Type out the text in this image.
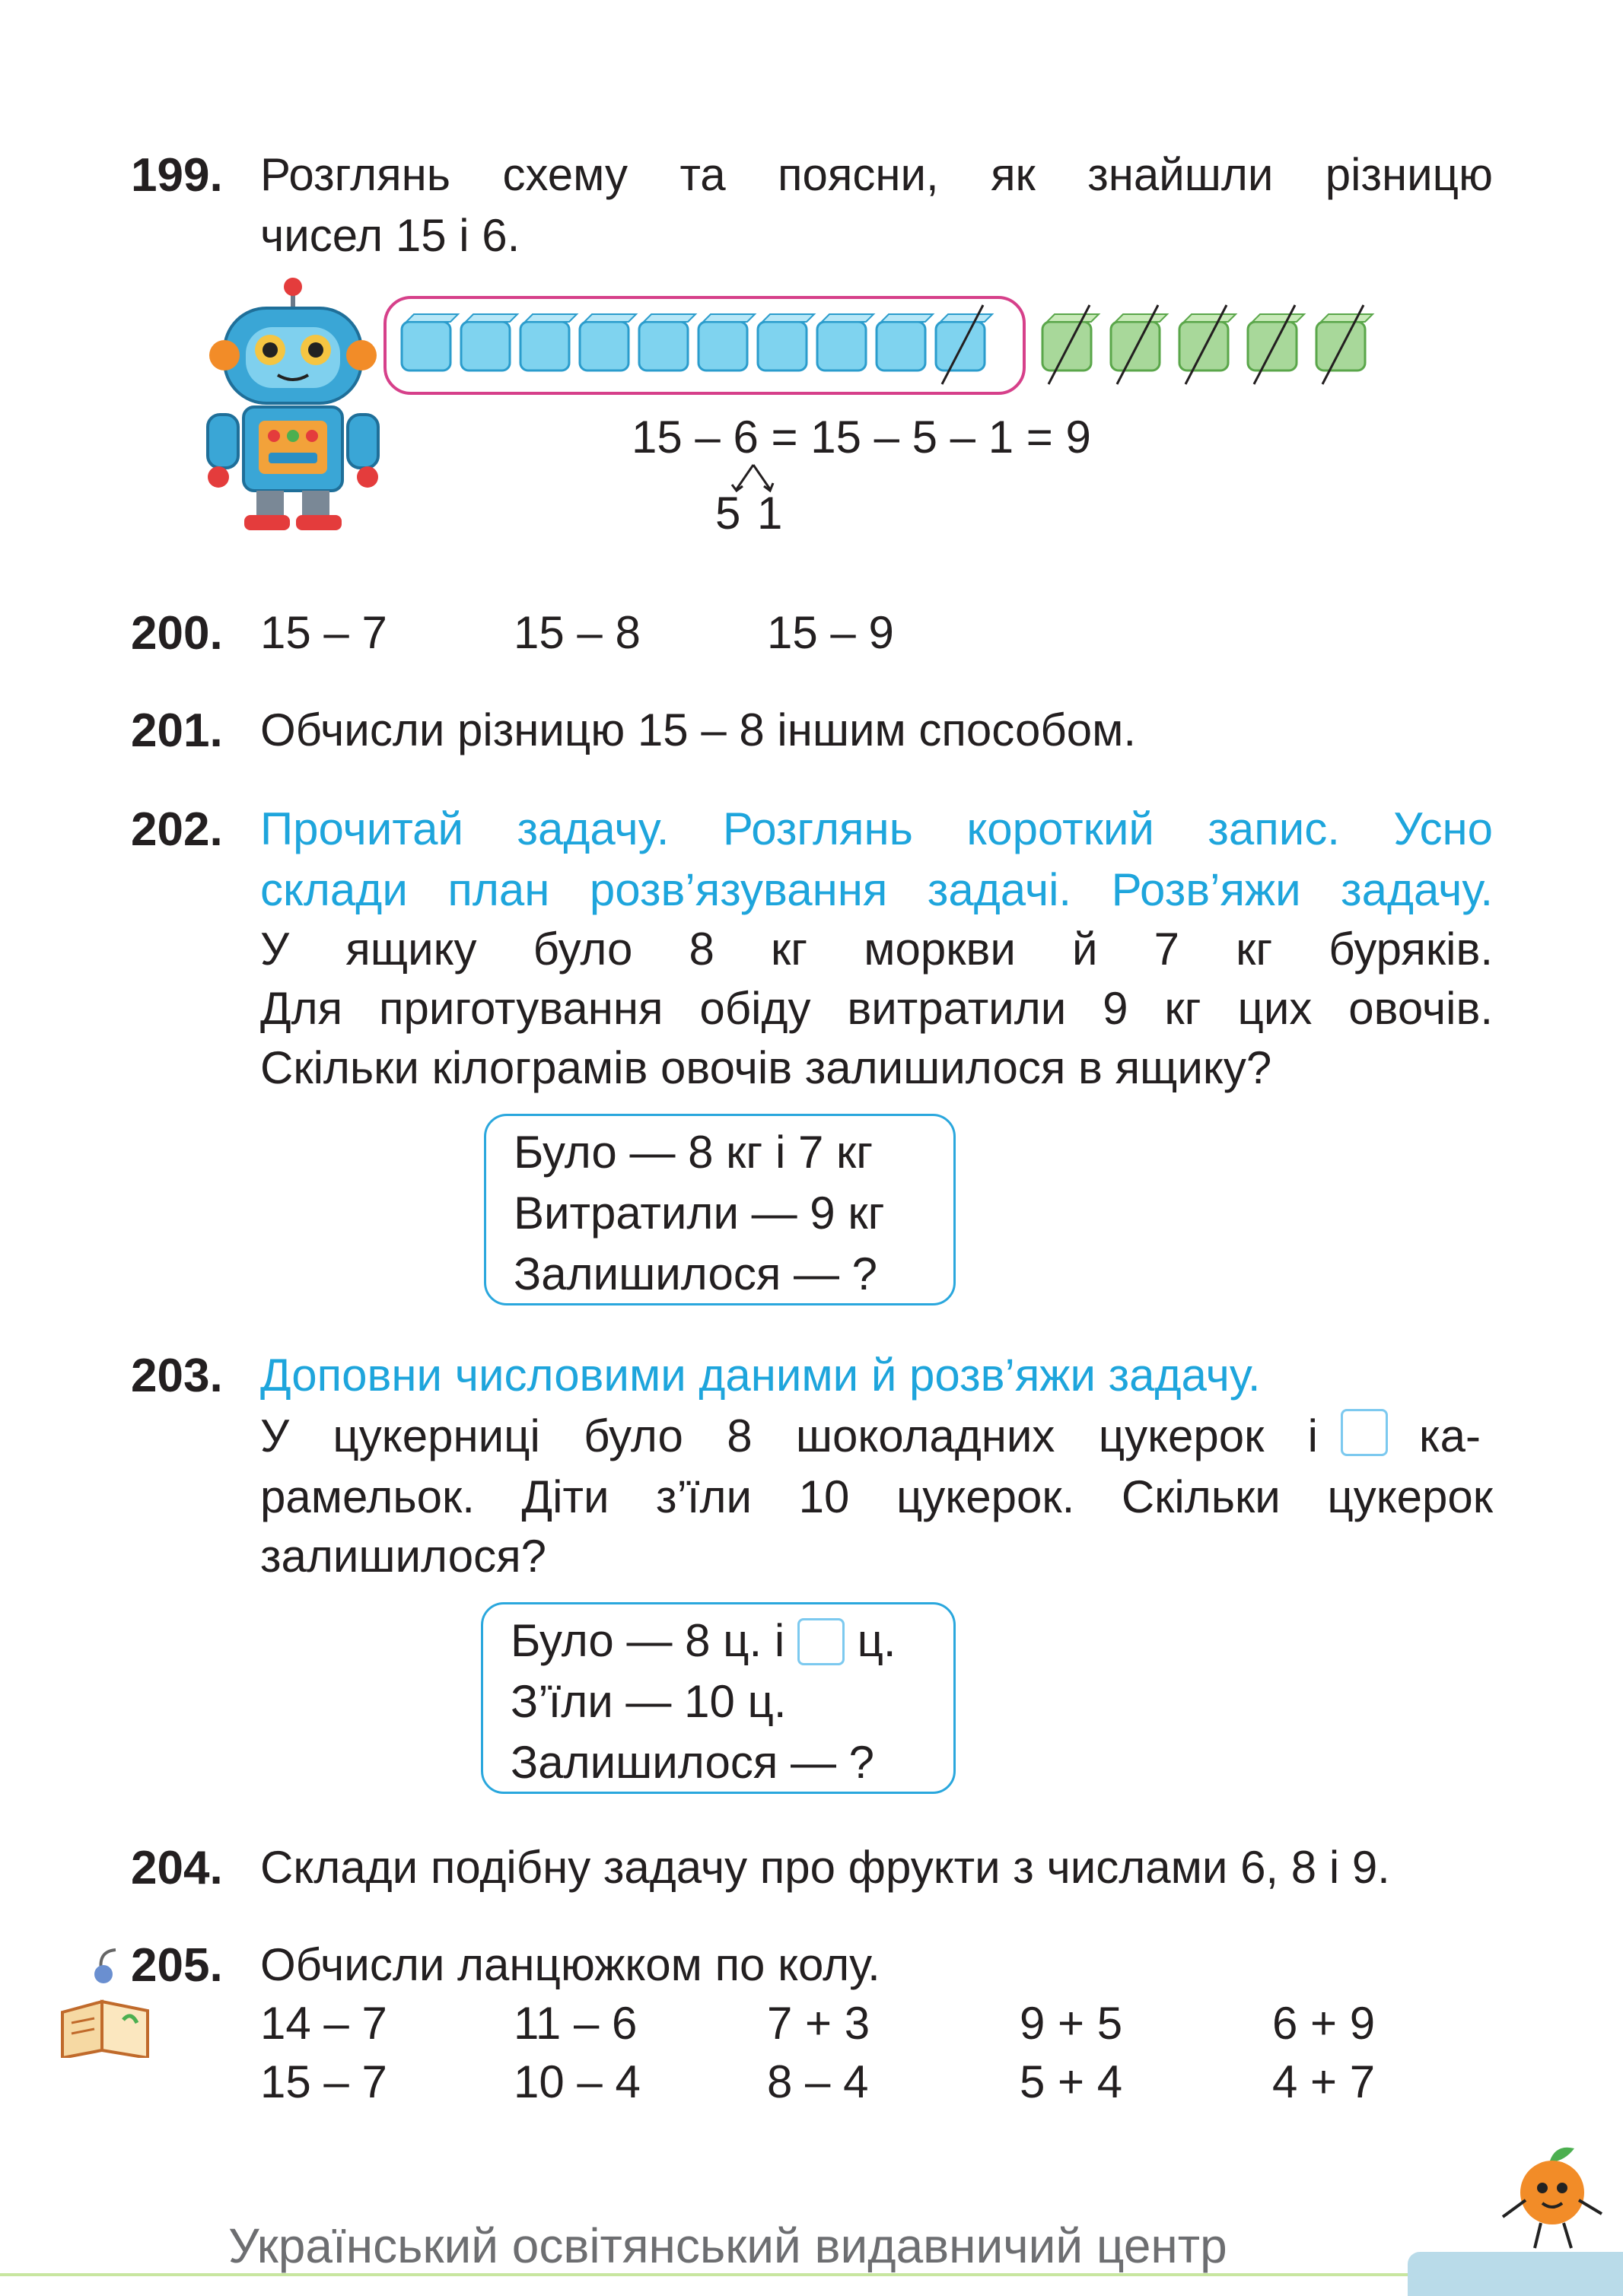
199. Розглянь схему та поясни, як знайшли різницю
чисел 15 і 6.
15 – 6 = 15 – 5 – 1 = 9
5 1
200. 15 – 7	15 – 8	15 – 9
201. Обчисли різницю 15 – 8 іншим способом.
202. Прочитай задачу. Розглянь короткий запис. Усно
склади план розв’язування задачі. Розв’яжи задачу.
У ящику було 8 кг моркви й 7 кг буряків.
Для приготування обіду витратили 9 кг цих овочів.
Скільки кілограмів овочів залишилося в ящику?
Було — 8 кг і 7 кг
Витратили — 9 кг
Залишилося — ?
203. Доповни числовими даними й розв’яжи задачу.
У цукерниці було 8 шоколадних цукерок і ка-
рамельок. Діти з’їли 10 цукерок. Скільки цукерок
залишилося?
Було — 8 ц. і ц.
З’їли — 10 ц.
Залишилося — ?
204. Склади подібну задачу про фрукти з числами 6, 8 і 9.
205. Обчисли ланцюжком по колу.
14 – 7	11 – 6	7 + 3	9 + 5	6 + 9
15 – 7	10 – 4	8 – 4	5 + 4	4 + 7
Український освітянський видавничий центр
